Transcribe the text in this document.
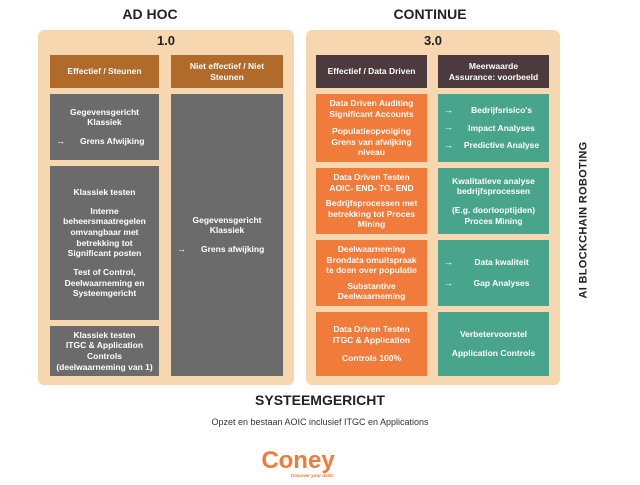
AD HOC	CONTINUE
1.0
Effectief / Steunen
Niet effectief / Niet Steunen
Gegevensgericht
Klassiek
→	Grens Afwijking
Klassiek testen
Interne beheersmaatregelen omvangbaar met betrekking tot Significant posten
Test of Control, Deelwaarneming en Systeemgericht
Klassiek testen
ITGC & Application Controls
(deelwaarneming van 1)
Gegevensgericht
Klassiek
→	Grens afwijking
3.0
Effectief / Data Driven
Meerwaarde
Assurance: voorbeeld
Data Driven Auditing Significant Accounts
Populatieopvolging Grens van afwijking niveau
Data Driven Testen AOIC- END- TO- END
Bedrijfsprocessen met betrekking tot Proces Mining
Deelwaarneming Brondata omuitspraak te doen over populatie
Substantive Deelwaarneming
Data Driven Testen ITGC & Application
Controls 100%
→	Bedrijfsrisico's
→	Impact Analyses
→	Predictive Analyse
Kwalitatieve analyse bedrijfsprocessen
(E.g. doorlooptijden) Proces Mining
→	Data kwaliteit
→	Gap Analyses
Verbetervoorstel
Application Controls
AI BLOCKCHAIN ROBOTING
SYSTEEMGERICHT
Opzet en bestaan AOIC inclusief ITGC en Applications
Coney
Discover your data!
